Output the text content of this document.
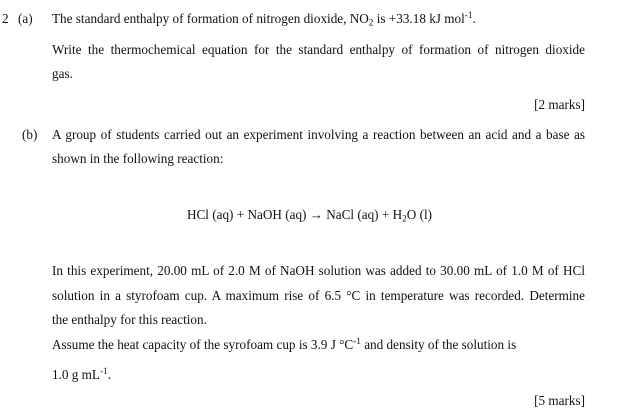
2 (a) The standard enthalpy of formation of nitrogen dioxide, $NO_2$ is +33.18 kJ mol$^{-1}$.
Write the thermochemical equation for the standard enthalpy of formation of nitrogen dioxide
gas.
[2 marks]
(b) A group of students carried out an experiment involving a reaction between an acid and a base as
shown in the following reaction:
HCl (aq) + NaOH (aq) → NaCl $(aq) + H_2O$ (l)
In this experiment, 20.00 mL of 2.0 M of NaOH solution was added to 30.00 mL of 1.0 M of HCl
solution in a styrofoam cup. A maximum rise of 6.5 °C in temperature was recorded. Determine
the enthalpy for this reaction.
Assume the heat capacity of the syrofoam cup is 3.9 J $^\circ C^{-1}$ and density of the solution is
1.0 g $mL^{-1}$.
[5 marks]
